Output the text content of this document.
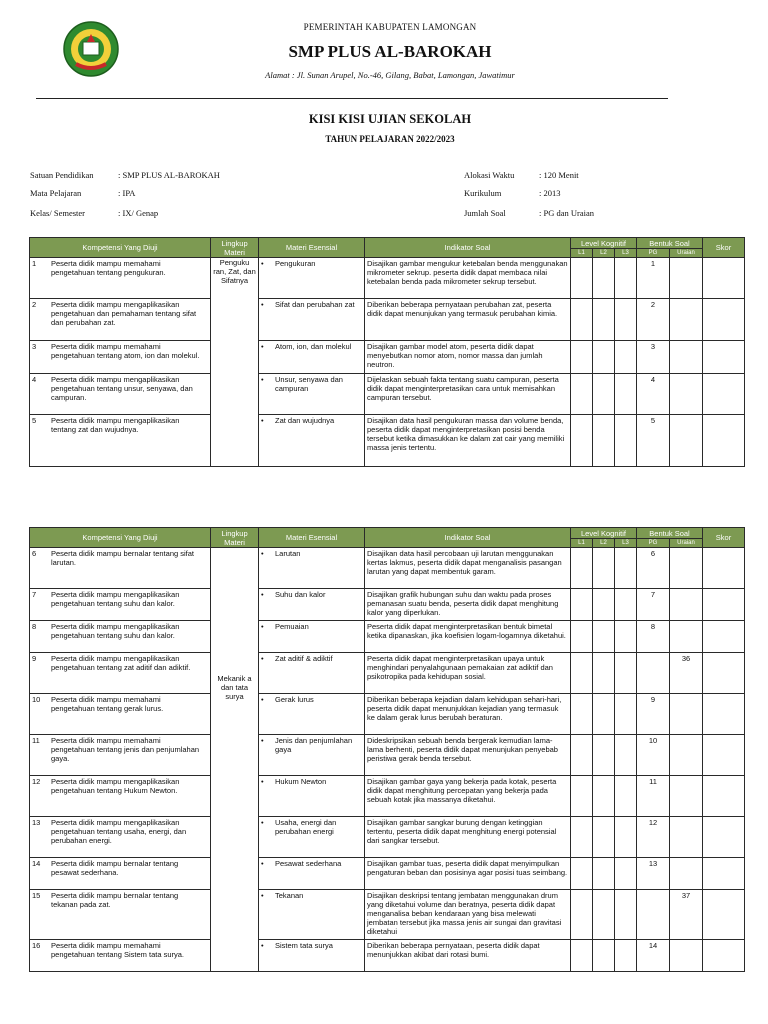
PEMERINTAH KABUPATEN LAMONGAN
SMP PLUS AL-BAROKAH
Alamat : Jl. Sunan Arupel, No.-46, Gilang, Babat, Lamongan, Jawatimur
KISI KISI UJIAN SEKOLAH
TAHUN PELAJARAN 2022/2023
Satuan Pendidikan	: SMP PLUS AL-BAROKAH
Mata Pelajaran	: IPA
Kelas/ Semester	: IX/ Genap
Alokasi Waktu	: 120 Menit
Kurikulum	: 2013
Jumlah Soal	: PG dan Uraian
Kompetensi Yang Diuji	Lingkup Materi	Materi Esensial	Indikator Soal	Level Kognitif			Bentuk Soal		Skor
				L1	L2	L3	PG	Uraian	
1 Peserta didik mampu memahami pengetahuan tentang pengukuran.	Penguku ran, Zat, dan Sifatnya	• Pengukuran	Disajikan gambar mengukur ketebalan benda menggunakan mikrometer sekrup. peserta didik dapat membaca nilai ketebalan benda pada mikrometer sekrup tersebut.				1		
2 Peserta didik mampu mengaplikasikan pengetahuan dan pemahaman tentang sifat dan perubahan zat.		• Sifat dan perubahan zat	Diberikan beberapa pernyataan perubahan zat, peserta didik dapat menunjukan yang termasuk perubahan kimia.				2		
3 Peserta didik mampu memahami pengetahuan tentang atom, ion dan molekul.		• Atom, ion, dan molekul	Disajikan gambar model atom, peserta didik dapat menyebutkan nomor atom, nomor massa dan jumlah neutron.				3		
4 Peserta didik mampu mengaplikasikan pengetahuan tentang unsur, senyawa, dan campuran.		• Unsur, senyawa dan campuran	Dijelaskan sebuah fakta tentang suatu campuran, peserta didik dapat menginterpretasikan cara untuk memisahkan campuran tersebut.				4		
5 Peserta didik mampu mengaplikasikan tentang zat dan wujudnya.		• Zat dan wujudnya	Disajikan data hasil pengukuran massa dan volume benda, peserta didik dapat menginterpretasikan posisi benda tersebut ketika dimasukkan ke dalam zat cair yang memiliki massa jenis tertentu.				5		
Kompetensi Yang Diuji	Lingkup Materi	Materi Esensial	Indikator Soal	Level Kognitif			Bentuk Soal		Skor
				L1	L2	L3	PG	Uraian	
6 Peserta didik mampu bernalar tentang sifat larutan.	Mekanik a dan tata surya	• Larutan	Disajikan data hasil percobaan uji larutan menggunakan kertas lakmus, peserta didik dapat menganalisis pasangan larutan yang dapat membentuk garam.				6		
7 Peserta didik mampu mengaplikasikan pengetahuan tentang suhu dan kalor.		• Suhu dan kalor	Disajikan grafik hubungan suhu dan waktu pada proses pemanasan suatu benda, peserta didik dapat menghitung kalor yang diperlukan.				7		
8 Peserta didik mampu mengaplikasikan pengetahuan tentang suhu dan kalor.		• Pemuaian	Peserta didik dapat menginterpretasikan bentuk bimetal ketika dipanaskan, jika koefisien logam-logamnya diketahui.				8		
9 Peserta didik mampu mengaplikasikan pengetahuan tentang zat aditif dan adiktif.		• Zat aditif & adiktif	Peserta didik dapat menginterpretasikan upaya untuk menghindari penyalahgunaan pemakaian zat adiktif dan psikotropika pada kehidupan sosial.					36	
10 Peserta didik mampu memahami pengetahuan tentang gerak lurus.		• Gerak lurus	Diberikan beberapa kejadian dalam kehidupan sehari-hari, peserta didik dapat menunjukkan kejadian yang termasuk ke dalam gerak lurus berubah beraturan.				9		
11 Peserta didik mampu memahami pengetahuan tentang jenis dan penjumlahan gaya.		• Jenis dan penjumlahan gaya	Dideskripsikan sebuah benda bergerak kemudian lama-lama berhenti, peserta didik dapat menunjukan penyebab peristiwa gerak benda tersebut.				10		
12 Peserta didik mampu mengaplikasikan pengetahuan tentang Hukum Newton.		• Hukum Newton	Disajikan gambar gaya yang bekerja pada kotak, peserta didik dapat menghitung percepatan yang bekerja pada sebuah kotak jika massanya diketahui.				11		
13 Peserta didik mampu mengaplikasikan pengetahuan tentang usaha, energi, dan perubahan energi.		• Usaha, energi dan perubahan energi	Disajikan gambar sangkar burung dengan ketinggian tertentu, peserta didik dapat menghitung energi potensial dari sangkar tersebut.				12		
14 Peserta didik mampu bernalar tentang pesawat sederhana.		• Pesawat sederhana	Disajikan gambar tuas, peserta didik dapat menyimpulkan pengaturan beban dan posisinya agar posisi tuas seimbang.				13		
15 Peserta didik mampu bernalar tentang tekanan pada zat.		• Tekanan	Disajikan deskripsi tentang jembatan menggunakan drum yang diketahui volume dan beratnya, peserta didik dapat menganalisa beban kendaraan yang bisa melewati jembatan tersebut jika massa jenis air sungai dan gravitasi diketahui					37	
16 Peserta didik mampu memahami pengetahuan tentang Sistem tata surya.		• Sistem tata surya	Diberikan beberapa pernyataan, peserta didik dapat menunjukkan akibat dari rotasi bumi.				14		
